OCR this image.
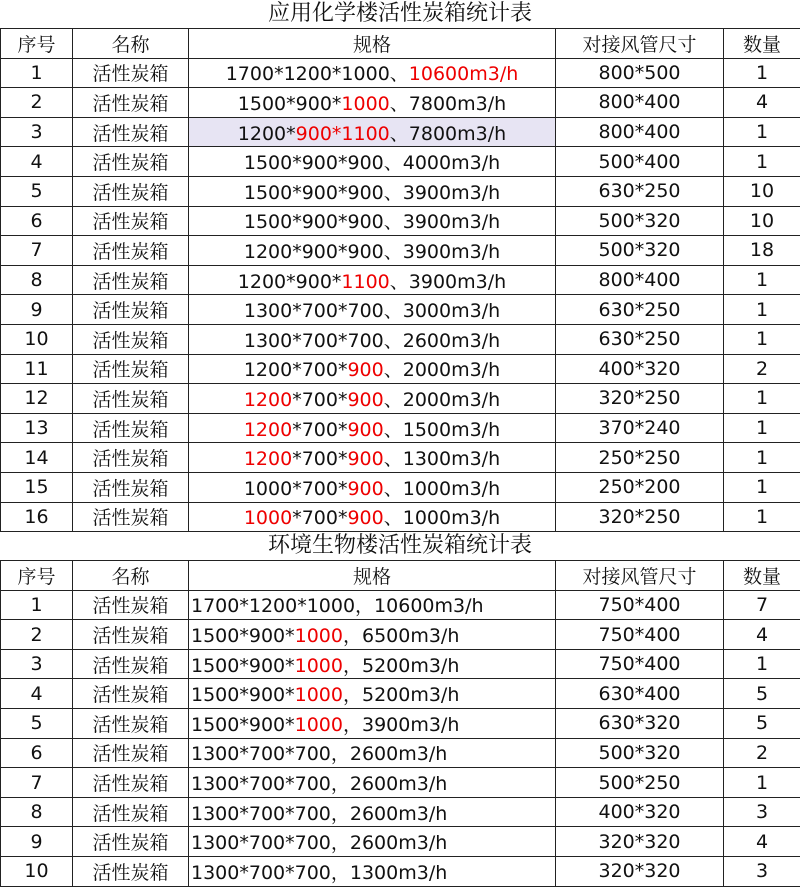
应用化学楼活性炭箱统计表
序号	名称	规格	对接风管尺寸	数量
1	活性炭箱	1700*1200*1000、10600m3/h	800*500	1
2	活性炭箱	1500*900*1000、7800m3/h	800*400	4
3	活性炭箱	1200*900*1100、7800m3/h	800*400	1
4	活性炭箱	1500*900*900、4000m3/h	500*400	1
5	活性炭箱	1500*900*900、3900m3/h	630*250	10
6	活性炭箱	1500*900*900、3900m3/h	500*320	10
7	活性炭箱	1200*900*900、3900m3/h	500*320	18
8	活性炭箱	1200*900*1100、3900m3/h	800*400	1
9	活性炭箱	1300*700*700、3000m3/h	630*250	1
10	活性炭箱	1300*700*700、2600m3/h	630*250	1
11	活性炭箱	1200*700*900、2000m3/h	400*320	2
12	活性炭箱	1200*700*900、2000m3/h	320*250	1
13	活性炭箱	1200*700*900、1500m3/h	370*240	1
14	活性炭箱	1200*700*900、1300m3/h	250*250	1
15	活性炭箱	1000*700*900、1000m3/h	250*200	1
16	活性炭箱	1000*700*900、1000m3/h	320*250	1
环境生物楼活性炭箱统计表
序号	名称	规格	对接风管尺寸	数量
1	活性炭箱	1700*1200*1000，10600m3/h	750*400	7
2	活性炭箱	1500*900*1000，6500m3/h	750*400	4
3	活性炭箱	1500*900*1000，5200m3/h	750*400	1
4	活性炭箱	1500*900*1000，5200m3/h	630*400	5
5	活性炭箱	1500*900*1000，3900m3/h	630*320	5
6	活性炭箱	1300*700*700，2600m3/h	500*320	2
7	活性炭箱	1300*700*700，2600m3/h	500*250	1
8	活性炭箱	1300*700*700，2600m3/h	400*320	3
9	活性炭箱	1300*700*700，2600m3/h	320*320	4
10	活性炭箱	1300*700*700，1300m3/h	320*320	3
